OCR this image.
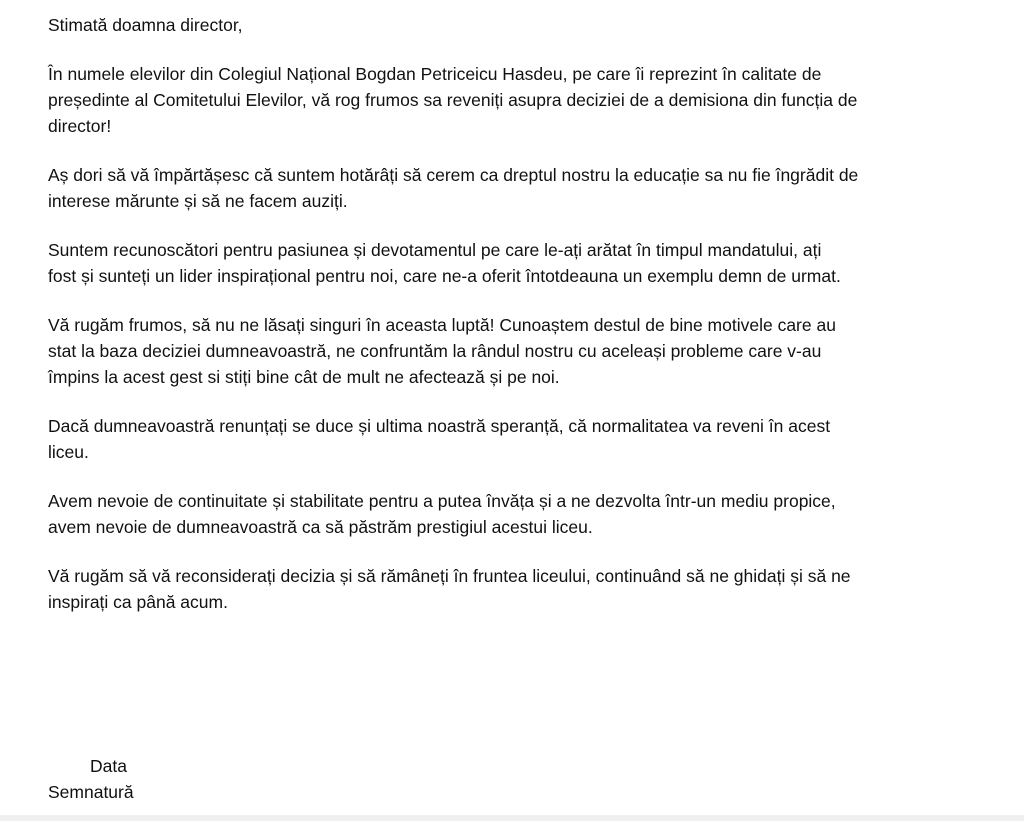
Stimată doamna director,

În numele elevilor din Colegiul Național Bogdan Petriceicu Hasdeu, pe care îi reprezint în calitate de
președinte al Comitetului Elevilor, vă rog frumos sa reveniți asupra deciziei de a demisiona din funcția de
director!

Aș dori să vă împărtășesc că suntem hotărâți să cerem ca dreptul nostru la educație sa nu fie îngrădit de
interese mărunte și să ne facem auziți.

Suntem recunoscători pentru pasiunea și devotamentul pe care le-ați arătat în timpul mandatului, ați
fost și sunteți un lider inspirațional pentru noi, care ne-a oferit întotdeauna un exemplu demn de urmat.

Vă rugăm frumos, să nu ne lăsați singuri în aceasta luptă! Cunoaștem destul de bine motivele care au
stat la baza deciziei dumneavoastră, ne confruntăm la rândul nostru cu aceleași probleme care v-au
împins la acest gest si stiți bine cât de mult ne afectează și pe noi.

Dacă dumneavoastră renunțați se duce și ultima noastră speranță, că normalitatea va reveni în acest
liceu.

Avem nevoie de continuitate și stabilitate pentru a putea învăța și a ne dezvolta într-un mediu propice,
avem nevoie de dumneavoastră ca să păstrăm prestigiul acestui liceu.

Vă rugăm să vă reconsiderați decizia și să rămâneți în fruntea liceului, continuând să ne ghidați și să ne
inspirați ca până acum.

Data
Semnatură
